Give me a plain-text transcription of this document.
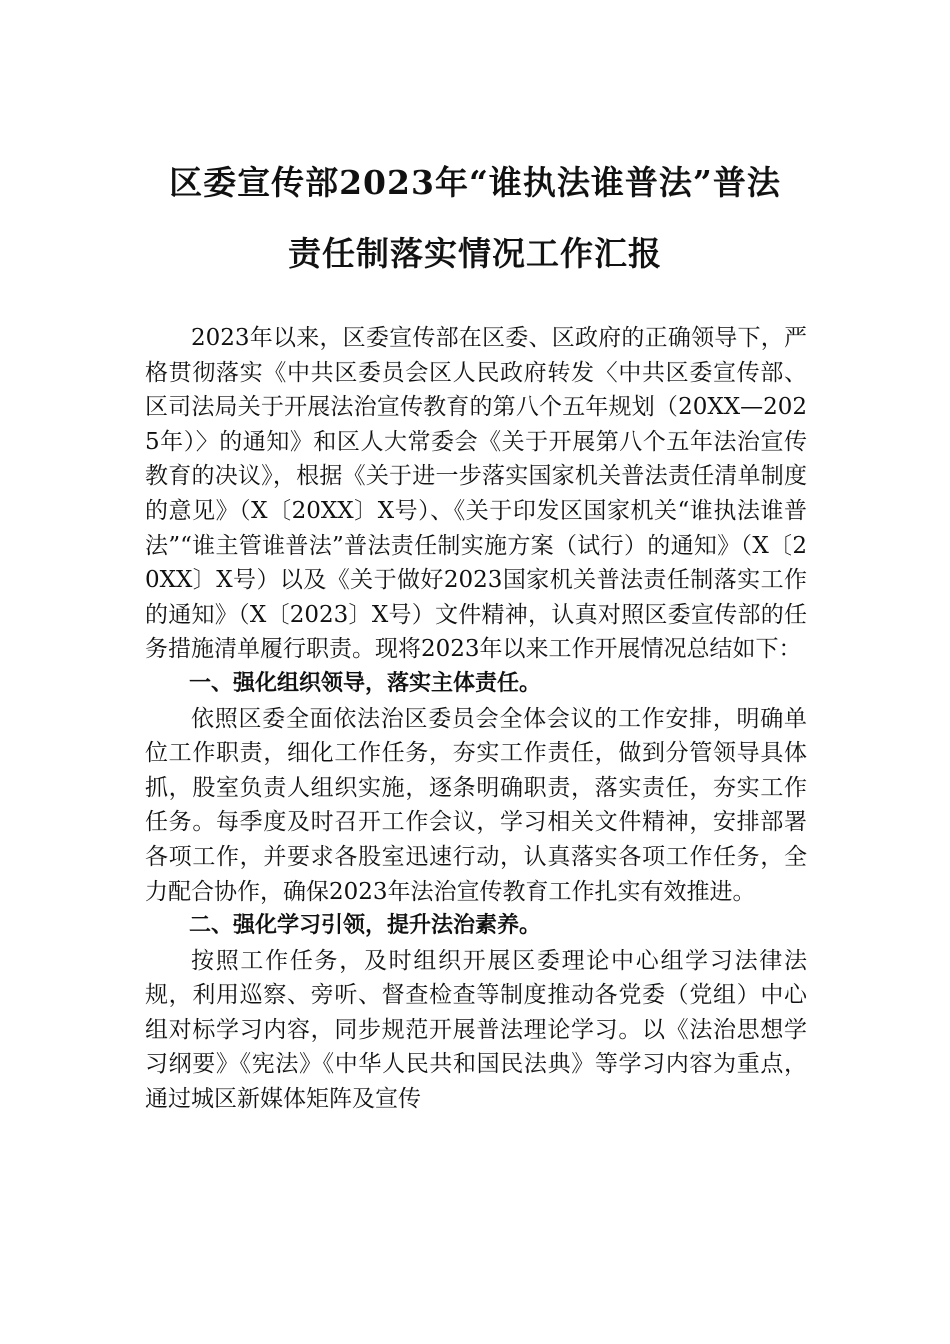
区委宣传部2023年“谁执法谁普法”普法
责任制落实情况工作汇报

2023年以来，区委宣传部在区委、区政府的正确领导下，严格贯彻落实《中共区委员会区人民政府转发〈中共区委宣传部、区司法局关于开展法治宣传教育的第八个五年规划（20XX—2025年）〉的通知》和区人大常委会《关于开展第八个五年法治宣传教育的决议》，根据《关于进一步落实国家机关普法责任清单制度的意见》（X〔20XX〕X号）、《关于印发区国家机关“谁执法谁普法”“谁主管谁普法”普法责任制实施方案（试行）的通知》（X〔20XX〕X号）以及《关于做好2023国家机关普法责任制落实工作的通知》（X〔2023〕X号）文件精神，认真对照区委宣传部的任务措施清单履行职责。现将2023年以来工作开展情况总结如下：

一、强化组织领导，落实主体责任。

依照区委全面依法治区委员会全体会议的工作安排，明确单位工作职责，细化工作任务，夯实工作责任，做到分管领导具体抓，股室负责人组织实施，逐条明确职责，落实责任，夯实工作任务。每季度及时召开工作会议，学习相关文件精神，安排部署各项工作，并要求各股室迅速行动，认真落实各项工作任务，全力配合协作，确保2023年法治宣传教育工作扎实有效推进。

二、强化学习引领，提升法治素养。

按照工作任务，及时组织开展区委理论中心组学习法律法规，利用巡察、旁听、督查检查等制度推动各党委（党组）中心组对标学习内容，同步规范开展普法理论学习。以《法治思想学习纲要》《宪法》《中华人民共和国民法典》等学习内容为重点，通过城区新媒体矩阵及宣传
